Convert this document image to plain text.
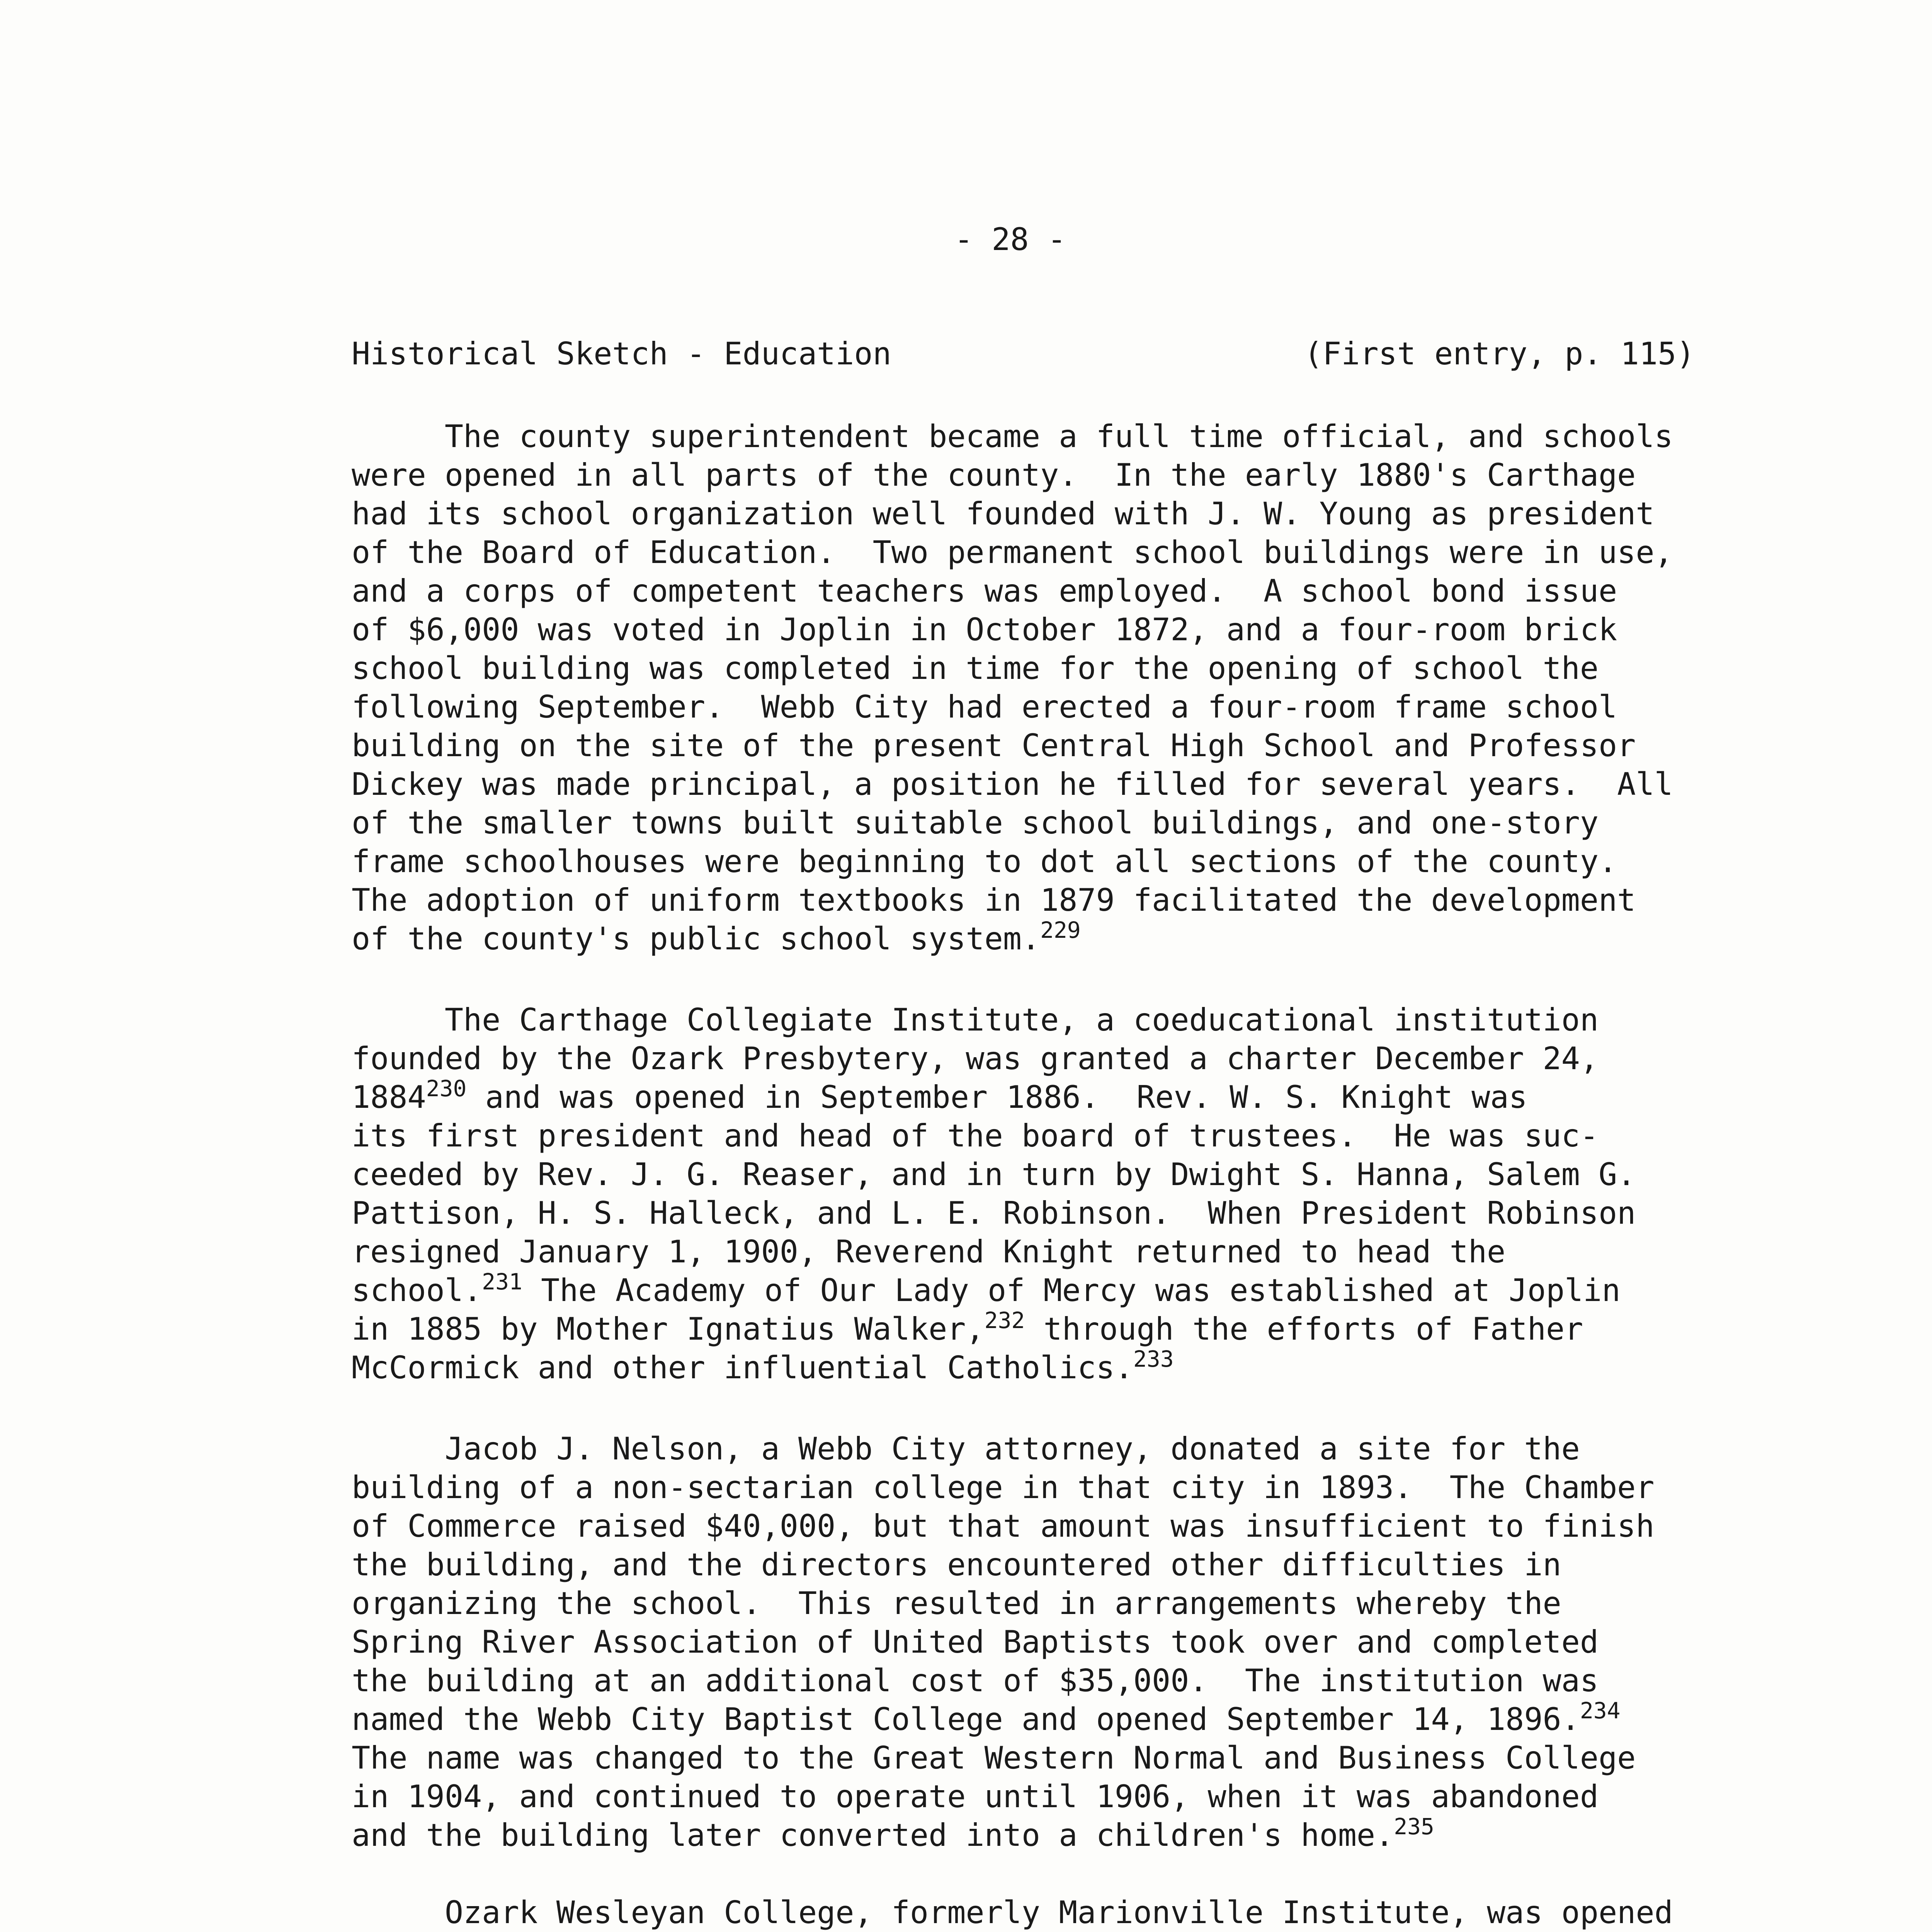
- 28 -
Historical Sketch - Education	(First entry, p. 115)
The county superintendent became a full time official, and schools
were opened in all parts of the county.  In the early 1880's Carthage
had its school organization well founded with J. W. Young as president
of the Board of Education.  Two permanent school buildings were in use,
and a corps of competent teachers was employed.  A school bond issue
of $6,000 was voted in Joplin in October 1872, and a four-room brick
school building was completed in time for the opening of school the
following September.  Webb City had erected a four-room frame school
building on the site of the present Central High School and Professor
Dickey was made principal, a position he filled for several years.  All
of the smaller towns built suitable school buildings, and one-story
frame schoolhouses were beginning to dot all sections of the county.
The adoption of uniform textbooks in 1879 facilitated the development
of the county's public school system.$^{229}$
The Carthage Collegiate Institute, a coeducational institution
founded by the Ozark Presbytery, was granted a charter December 24,
1884$^{230}$ and was opened in September 1886.  Rev. W. S. Knight was
its first president and head of the board of trustees.  He was suc-
ceeded by Rev. J. G. Reaser, and in turn by Dwight S. Hanna, Salem G.
Pattison, H. S. Halleck, and L. E. Robinson.  When President Robinson
resigned January 1, 1900, Reverend Knight returned to head the
school.$^{231}$ The Academy of Our Lady of Mercy was established at Joplin
in 1885 by Mother Ignatius Walker,$^{232}$ through the efforts of Father
McCormick and other influential Catholics.$^{233}$
Jacob J. Nelson, a Webb City attorney, donated a site for the
building of a non-sectarian college in that city in 1893.  The Chamber
of Commerce raised $40,000, but that amount was insufficient to finish
the building, and the directors encountered other difficulties in
organizing the school.  This resulted in arrangements whereby the
Spring River Association of United Baptists took over and completed
the building at an additional cost of $35,000.  The institution was
named the Webb City Baptist College and opened September 14, 1896.$^{234}$
The name was changed to the Great Western Normal and Business College
in 1904, and continued to operate until 1906, when it was abandoned
and the building later converted into a children's home.$^{235}$
Ozark Wesleyan College, formerly Marionville Institute, was opened
